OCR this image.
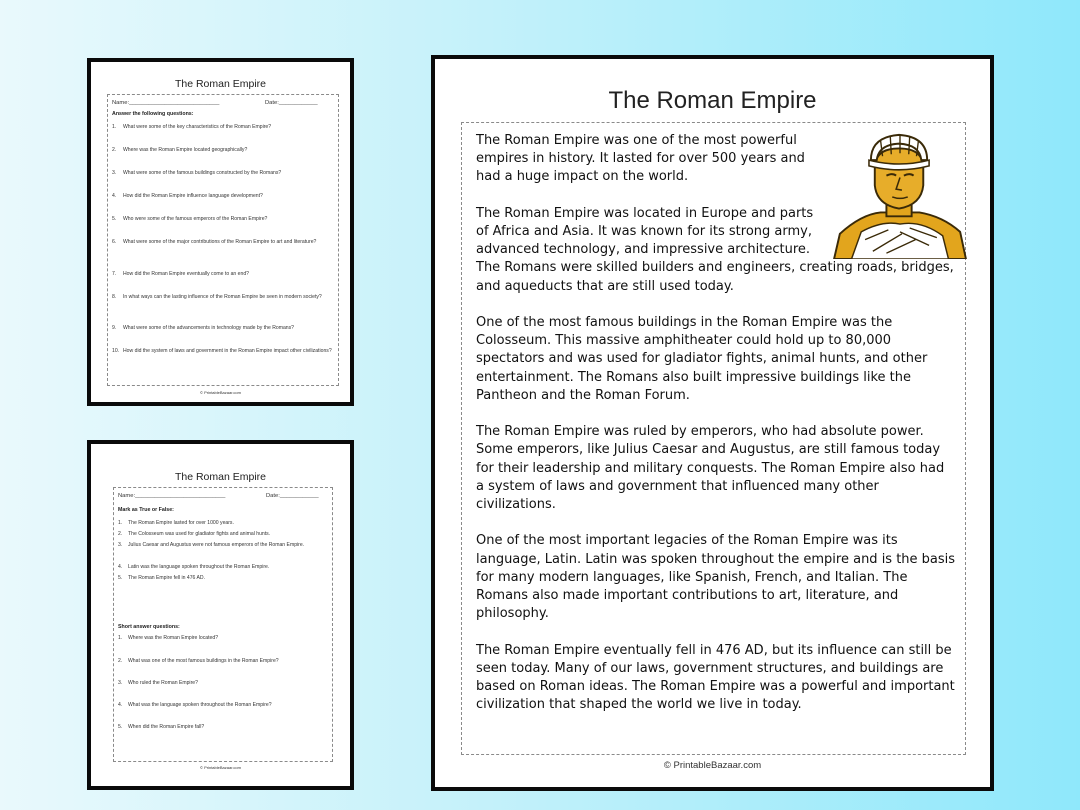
The Roman Empire
Name:____________________________	Date:____________
Answer the following questions:
1. What were some of the key characteristics of the Roman Empire?
2. Where was the Roman Empire located geographically?
3. What were some of the famous buildings constructed by the Romans?
4. How did the Roman Empire influence language development?
5. Who were some of the famous emperors of the Roman Empire?
6. What were some of the major contributions of the Roman Empire to art and literature?
7. How did the Roman Empire eventually come to an end?
8. In what ways can the lasting influence of the Roman Empire be seen in modern society?
9. What were some of the advancements in technology made by the Romans?
10. How did the system of laws and government in the Roman Empire impact other civilizations?
© PrintableBazaar.com
The Roman Empire
Name:____________________________	Date:____________
Mark as True or False:
1. The Roman Empire lasted for over 1000 years.
2. The Colosseum was used for gladiator fights and animal hunts.
3. Julius Caesar and Augustus were not famous emperors of the Roman Empire.
4. Latin was the language spoken throughout the Roman Empire.
5. The Roman Empire fell in 476 AD.
Short answer questions:
1. Where was the Roman Empire located?
2. What was one of the most famous buildings in the Roman Empire?
3. Who ruled the Roman Empire?
4. What was the language spoken throughout the Roman Empire?
5. When did the Roman Empire fall?
© PrintableBazaar.com
The Roman Empire

The Roman Empire was one of the most powerful empires in history. It lasted for over 500 years and had a huge impact on the world.

The Roman Empire was located in Europe and parts of Africa and Asia. It was known for its strong army, advanced technology, and impressive architecture. The Romans were skilled builders and engineers, creating roads, bridges, and aqueducts that are still used today.

One of the most famous buildings in the Roman Empire was the Colosseum. This massive amphitheater could hold up to 80,000 spectators and was used for gladiator fights, animal hunts, and other entertainment. The Romans also built impressive buildings like the Pantheon and the Roman Forum.

The Roman Empire was ruled by emperors, who had absolute power. Some emperors, like Julius Caesar and Augustus, are still famous today for their leadership and military conquests. The Roman Empire also had a system of laws and government that influenced many other civilizations.

One of the most important legacies of the Roman Empire was its language, Latin. Latin was spoken throughout the empire and is the basis for many modern languages, like Spanish, French, and Italian. The Romans also made important contributions to art, literature, and philosophy.

The Roman Empire eventually fell in 476 AD, but its influence can still be seen today. Many of our laws, government structures, and buildings are based on Roman ideas. The Roman Empire was a powerful and important civilization that shaped the world we live in today.

© PrintableBazaar.com
